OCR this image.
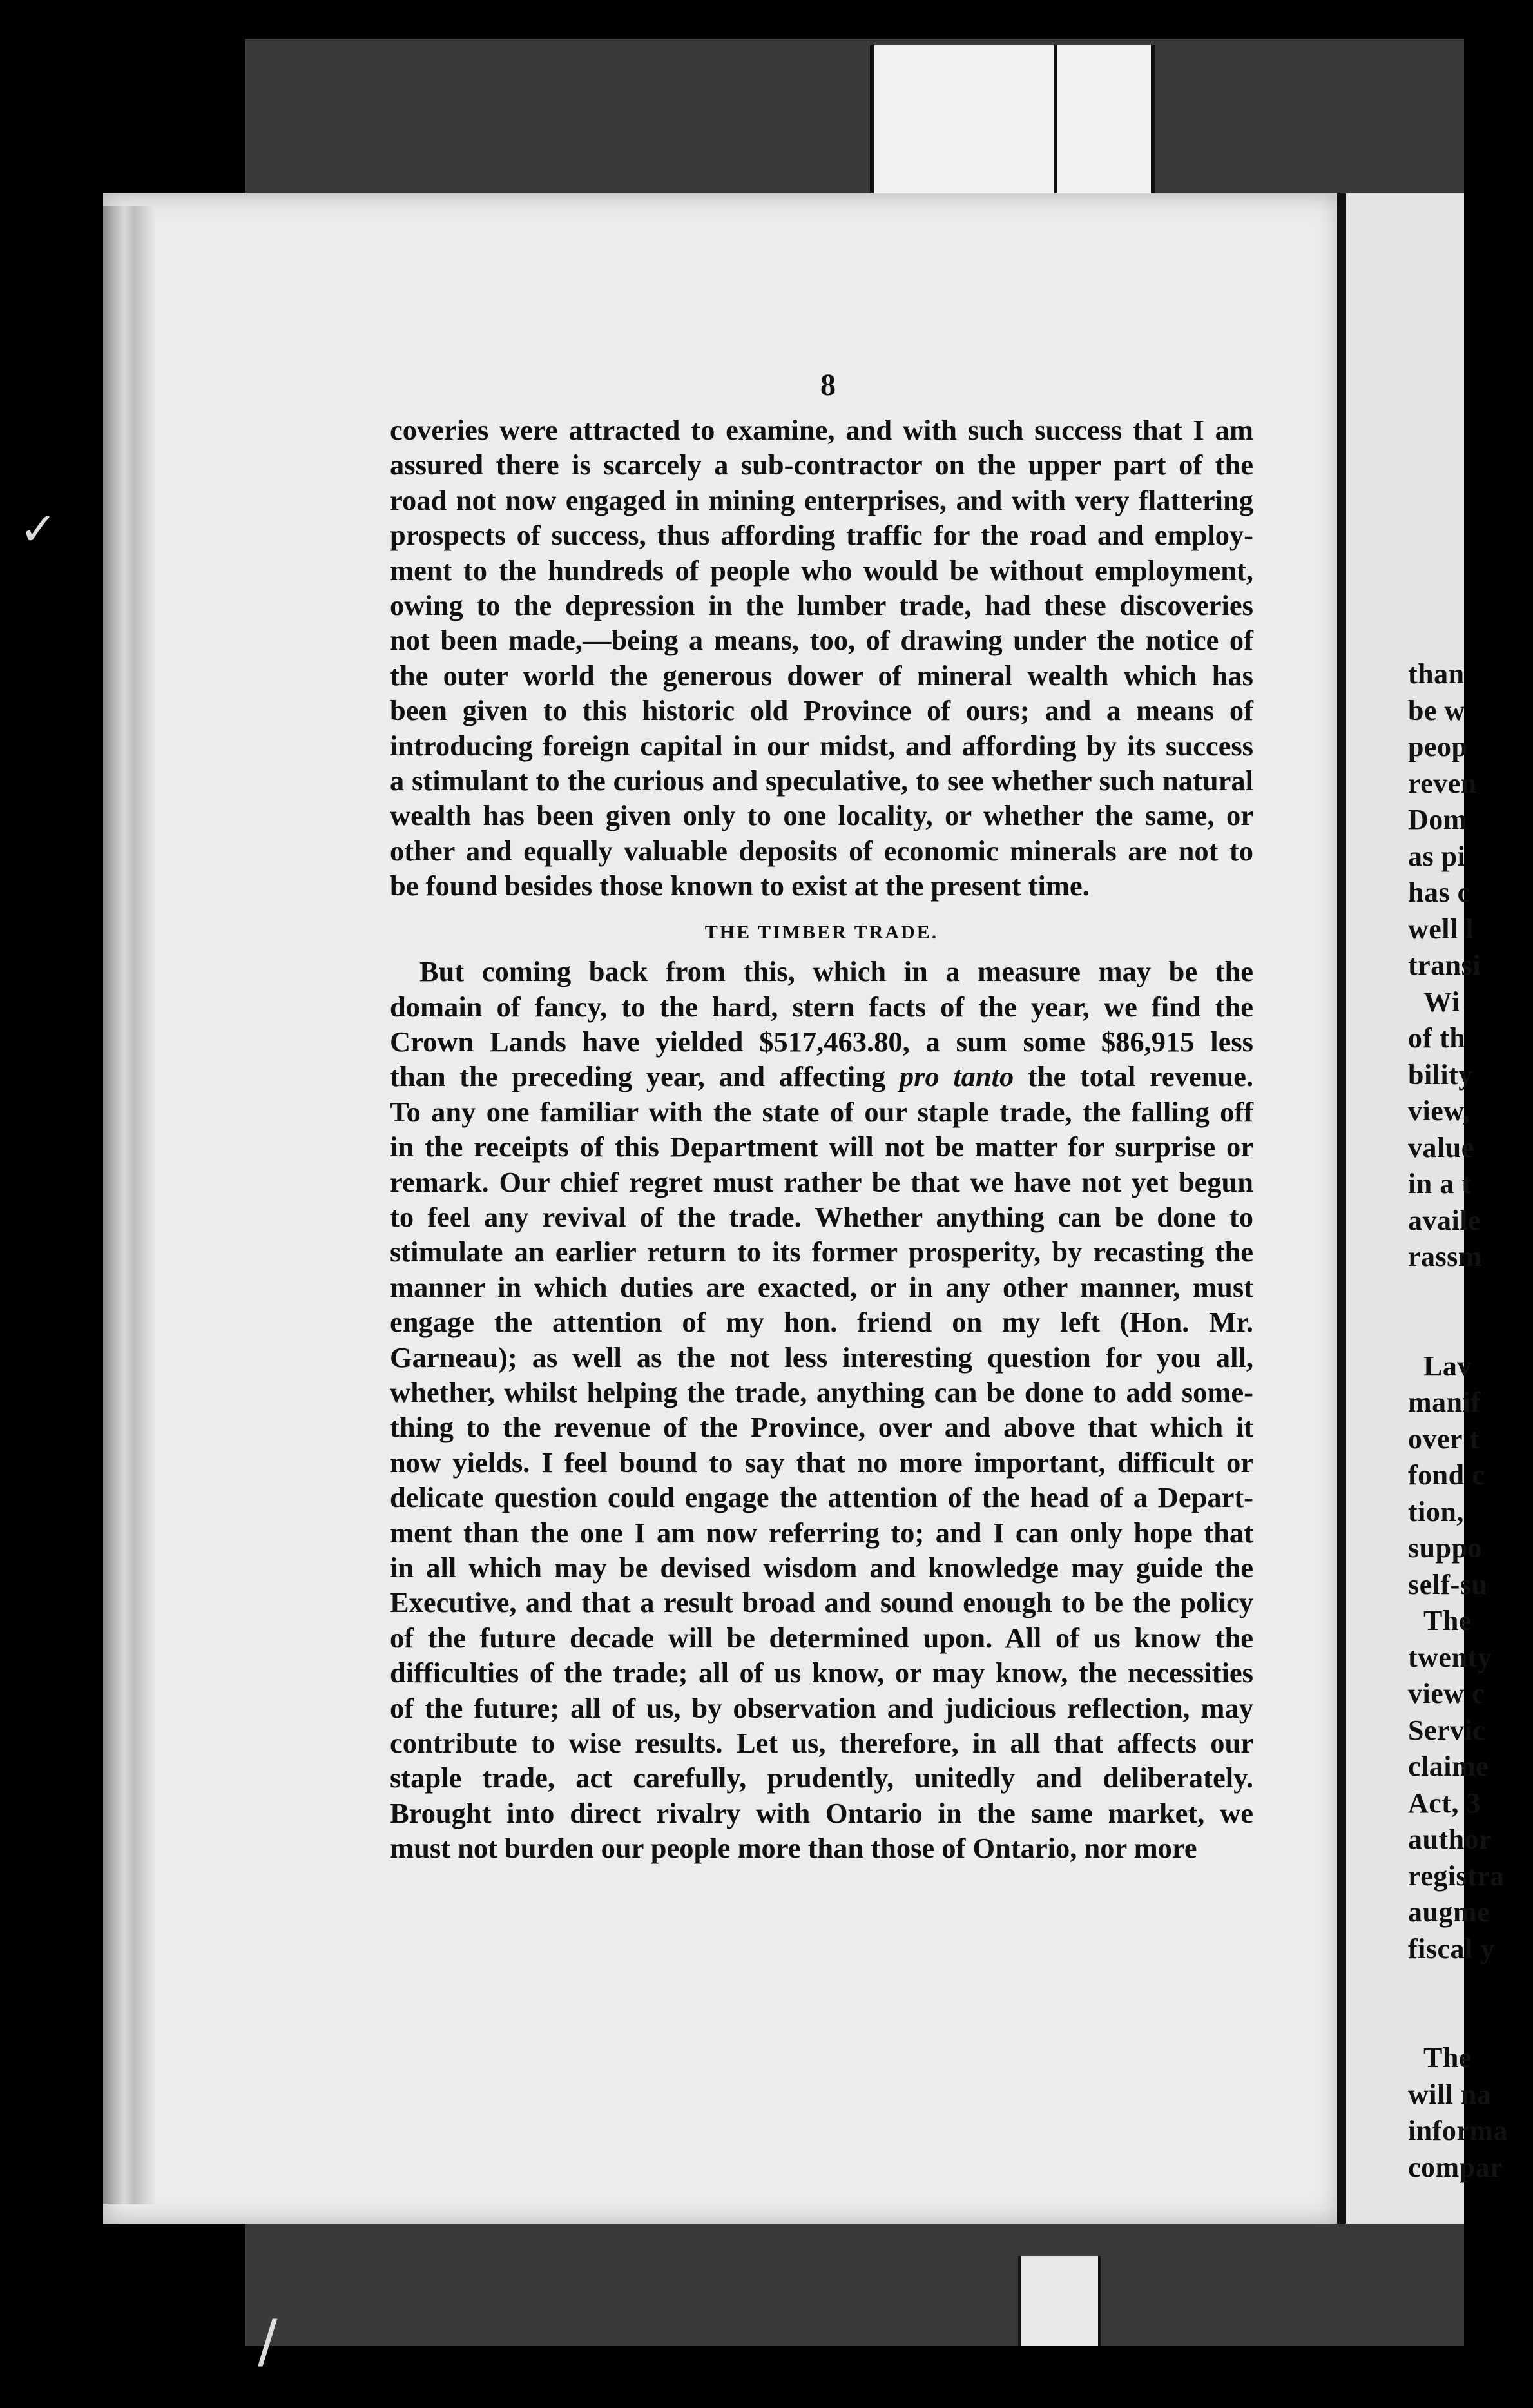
✓
/
than
be w
peop
reven
Dom
as pi
has c
well l
transi
Wi
of th
bility
view,
value
in a t
availe
rassm
Lav
manif
over t
fond c
tion,
suppo
self-su
The
twenty
view c
Servic
claime
Act, 3
author
registra
augme
fiscal y
The
will na
informa
compar
8
coveries were attracted to examine, and with such success that I am
assured there is scarcely a sub-contractor on the upper part of the
road not now engaged in mining enterprises, and with very flattering
prospects of success, thus affording traffic for the road and employ-
ment to the hundreds of people who would be without employment,
owing to the depression in the lumber trade, had these discoveries
not been made,—being a means, too, of drawing under the notice of
the outer world the generous dower of mineral wealth which has
been given to this historic old Province of ours; and a means of
introducing foreign capital in our midst, and affording by its success
a stimulant to the curious and speculative, to see whether such natural
wealth has been given only to one locality, or whether the same, or
other and equally valuable deposits of economic minerals are not to
be found besides those known to exist at the present time.
THE TIMBER TRADE.
But coming back from this, which in a measure may be the
domain of fancy, to the hard, stern facts of the year, we find the
Crown Lands have yielded $517,463.80, a sum some $86,915 less
than the preceding year, and affecting pro tanto the total revenue.
To any one familiar with the state of our staple trade, the falling off
in the receipts of this Department will not be matter for surprise or
remark. Our chief regret must rather be that we have not yet begun
to feel any revival of the trade. Whether anything can be done to
stimulate an earlier return to its former prosperity, by recasting the
manner in which duties are exacted, or in any other manner, must
engage the attention of my hon. friend on my left (Hon. Mr.
Garneau); as well as the not less interesting question for you all,
whether, whilst helping the trade, anything can be done to add some-
thing to the revenue of the Province, over and above that which it
now yields. I feel bound to say that no more important, difficult or
delicate question could engage the attention of the head of a Depart-
ment than the one I am now referring to; and I can only hope that
in all which may be devised wisdom and knowledge may guide the
Executive, and that a result broad and sound enough to be the policy
of the future decade will be determined upon. All of us know the
difficulties of the trade; all of us know, or may know, the necessities
of the future; all of us, by observation and judicious reflection, may
contribute to wise results. Let us, therefore, in all that affects our
staple trade, act carefully, prudently, unitedly and deliberately.
Brought into direct rivalry with Ontario in the same market, we
must not burden our people more than those of Ontario, nor more
